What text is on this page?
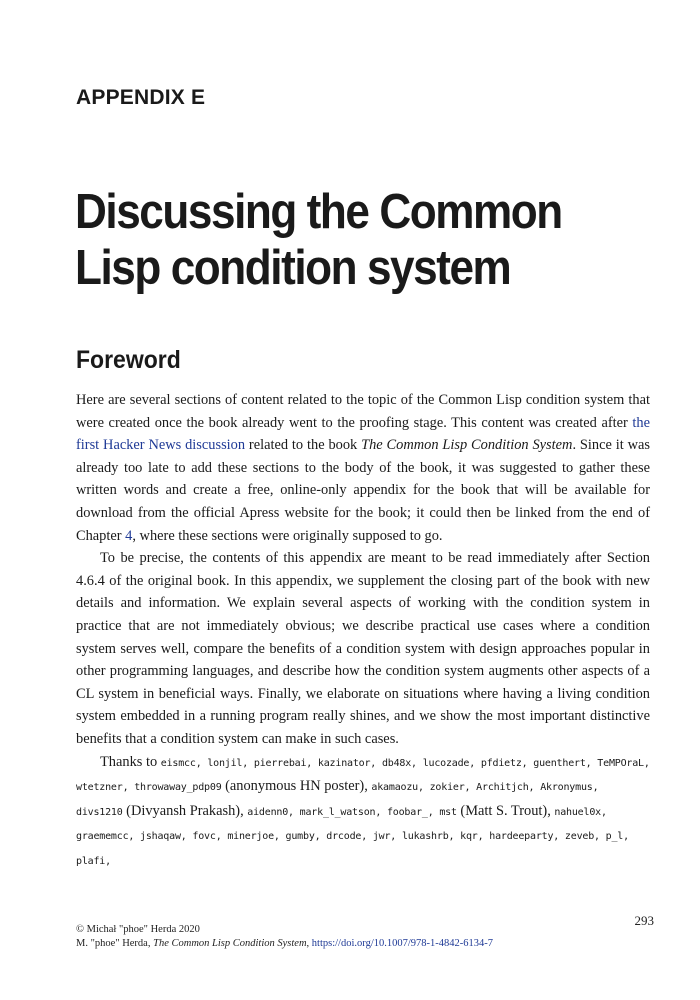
APPENDIX E
Discussing the Common
Lisp condition system
Foreword

Here are several sections of content related to the topic of the Common Lisp condition system that were created once the book already went to the proofing stage. This content was created after the first Hacker News discussion related to the book The Common Lisp Condition System. Since it was already too late to add these sections to the body of the book, it was suggested to gather these written words and create a free, online-only appendix for the book that will be available for download from the official Apress website for the book; it could then be linked from the end of Chapter 4, where these sections were originally supposed to go.

To be precise, the contents of this appendix are meant to be read immediately after Section 4.6.4 of the original book. In this appendix, we supplement the closing part of the book with new details and information. We explain several aspects of working with the condition system in practice that are not immediately obvious; we describe practical use cases where a condition system serves well, compare the benefits of a condition system with design approaches popular in other programming languages, and describe how the condition system augments other aspects of a CL system in beneficial ways. Finally, we elaborate on situations where having a living condition system embedded in a running program really shines, and we show the most important distinctive benefits that a condition system can make in such cases.

Thanks to eismcc, lonjil, pierrebai, kazinator, db48x, lucozade, pfdietz, guenthert, TeMPOraL, wtetzner, throwaway_pdp09 (anonymous HN poster), akamaozu, zokier, Architjch, Akronymus, divs1210 (Divyansh Prakash), aidenn0, mark_l_watson, foobar_, mst (Matt S. Trout), nahuel0x, graememcc, jshaqaw, fovc, minerjoe, gumby, drcode, jwr, lukashrb, kqr, hardeeparty, zeveb, p_l, plafi,

293
© Michał "phoe" Herda 2020
M. "phoe" Herda, The Common Lisp Condition System, https://doi.org/10.1007/978-1-4842-6134-7
